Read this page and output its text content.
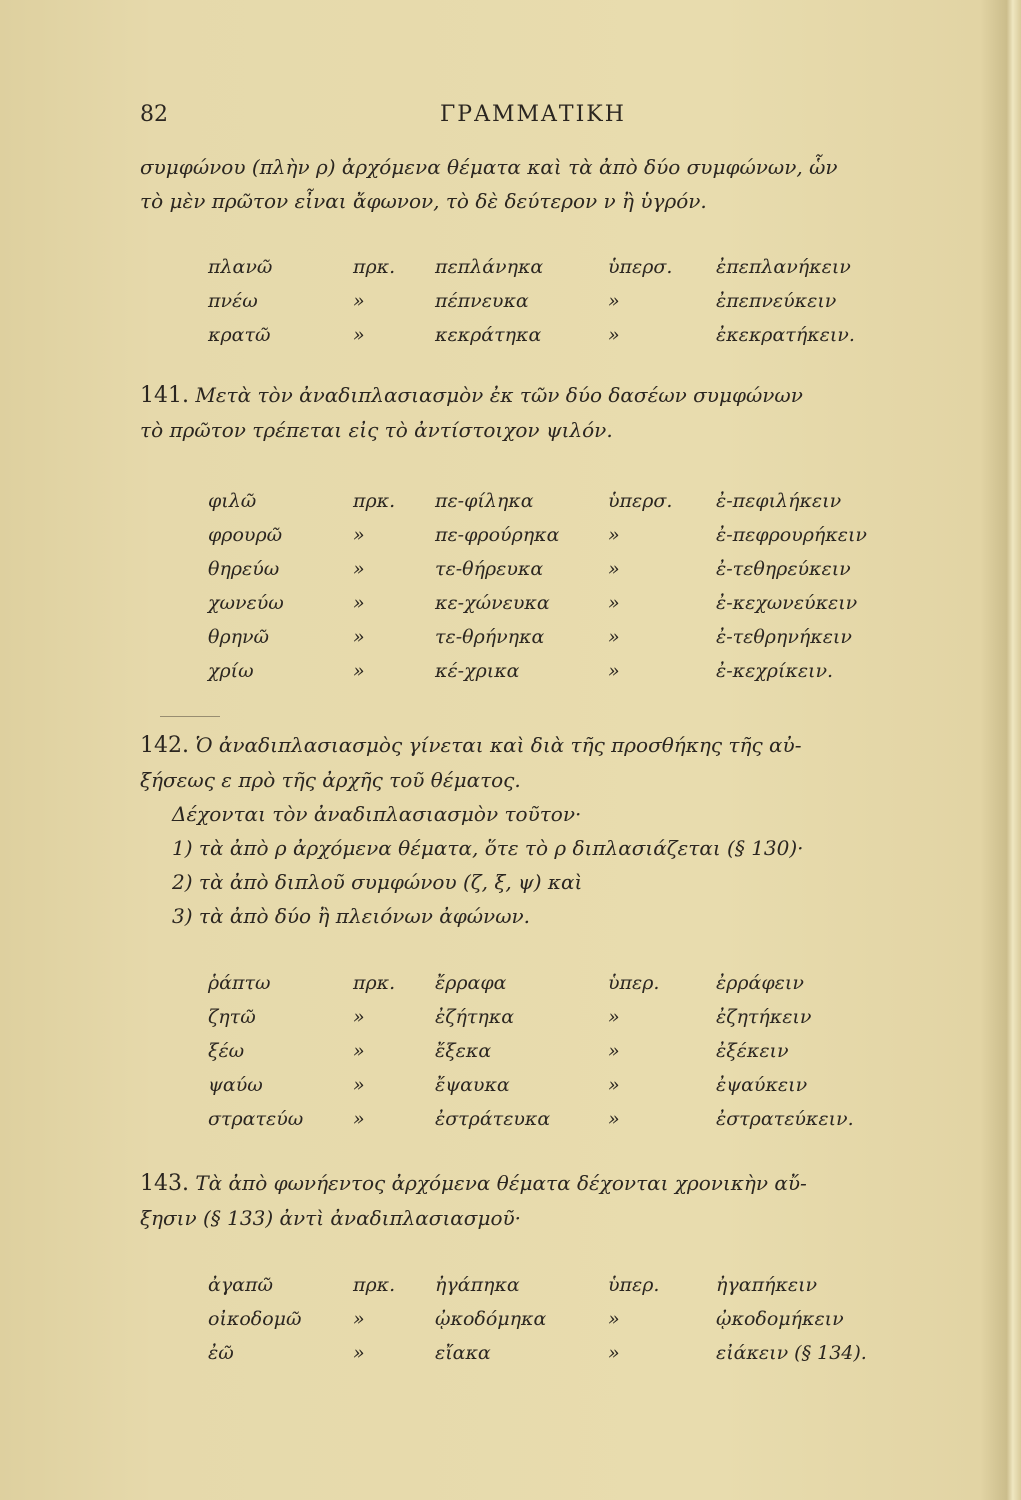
82	ΓΡΑΜΜΑΤΙΚΗ

συμφώνου (πλὴν ρ) ἀρχόμενα θέματα καὶ τὰ ἀπὸ δύο συμφώνων, ὧν

τὸ μὲν πρῶτον εἶναι ἄφωνον, τὸ δὲ δεύτερον ν ἢ ὑγρόν.

πλανῶ	πρκ. πεπλάνηκα	ὑπερσ. ἐπεπλανήκειν
πνέω	»	πέπνευκα	»	ἐπεπνεύκειν
κρατῶ	»	κεκράτηκα	»	ἐκεκρατήκειν.

141. Μετὰ τὸν ἀναδιπλασιασμὸν ἐκ τῶν δύο δασέων συμφώνων

τὸ πρῶτον τρέπεται εἰς τὸ ἀντίστοιχον ψιλόν.

φιλῶ	πρκ. πε-φίληκα	ὑπερσ. ἐ-πεφιλήκειν
φρουρῶ	»	πε-φρούρηκα	»	ἐ-πεφρουρήκειν
θηρεύω	»	τε-θήρευκα	»	ἐ-τεθηρεύκειν
χωνεύω	»	κε-χώνευκα	»	ἐ-κεχωνεύκειν
θρηνῶ	»	τε-θρήνηκα	»	ἐ-τεθρηνήκειν
χρίω	»	κέ-χρικα	»	ἐ-κεχρίκειν.

142. Ὁ ἀναδιπλασιασμὸς γίνεται καὶ διὰ τῆς προσθήκης τῆς αὐ-

ξήσεως ε πρὸ τῆς ἀρχῆς τοῦ θέματος.

Δέχονται τὸν ἀναδιπλασιασμὸν τοῦτον·

1) τὰ ἀπὸ ρ ἀρχόμενα θέματα, ὅτε τὸ ρ διπλασιάζεται (§ 130)·

2) τὰ ἀπὸ διπλοῦ συμφώνου (ζ, ξ, ψ) καὶ

3) τὰ ἀπὸ δύο ἢ πλειόνων ἀφώνων.

ῥάπτω	πρκ. ἔρραφα	ὑπερ.	ἐρράφειν
ζητῶ	»	ἐζήτηκα	»	ἐζητήκειν
ξέω	»	ἔξεκα	»	ἐξέκειν
ψαύω	»	ἔψαυκα	»	ἐψαύκειν
στρατεύω	»	ἐστράτευκα	»	ἐστρατεύκειν.

143. Τὰ ἀπὸ φωνήεντος ἀρχόμενα θέματα δέχονται χρονικὴν αὔ-

ξησιν (§ 133) ἀντὶ ἀναδιπλασιασμοῦ·

ἀγαπῶ	πρκ. ἠγάπηκα	ὑπερ.	ἠγαπήκειν
οἰκοδομῶ	»	ᾠκοδόμηκα	»	ᾠκοδομήκειν
ἐῶ	»	εἴακα	»	εἰάκειν (§ 134).
